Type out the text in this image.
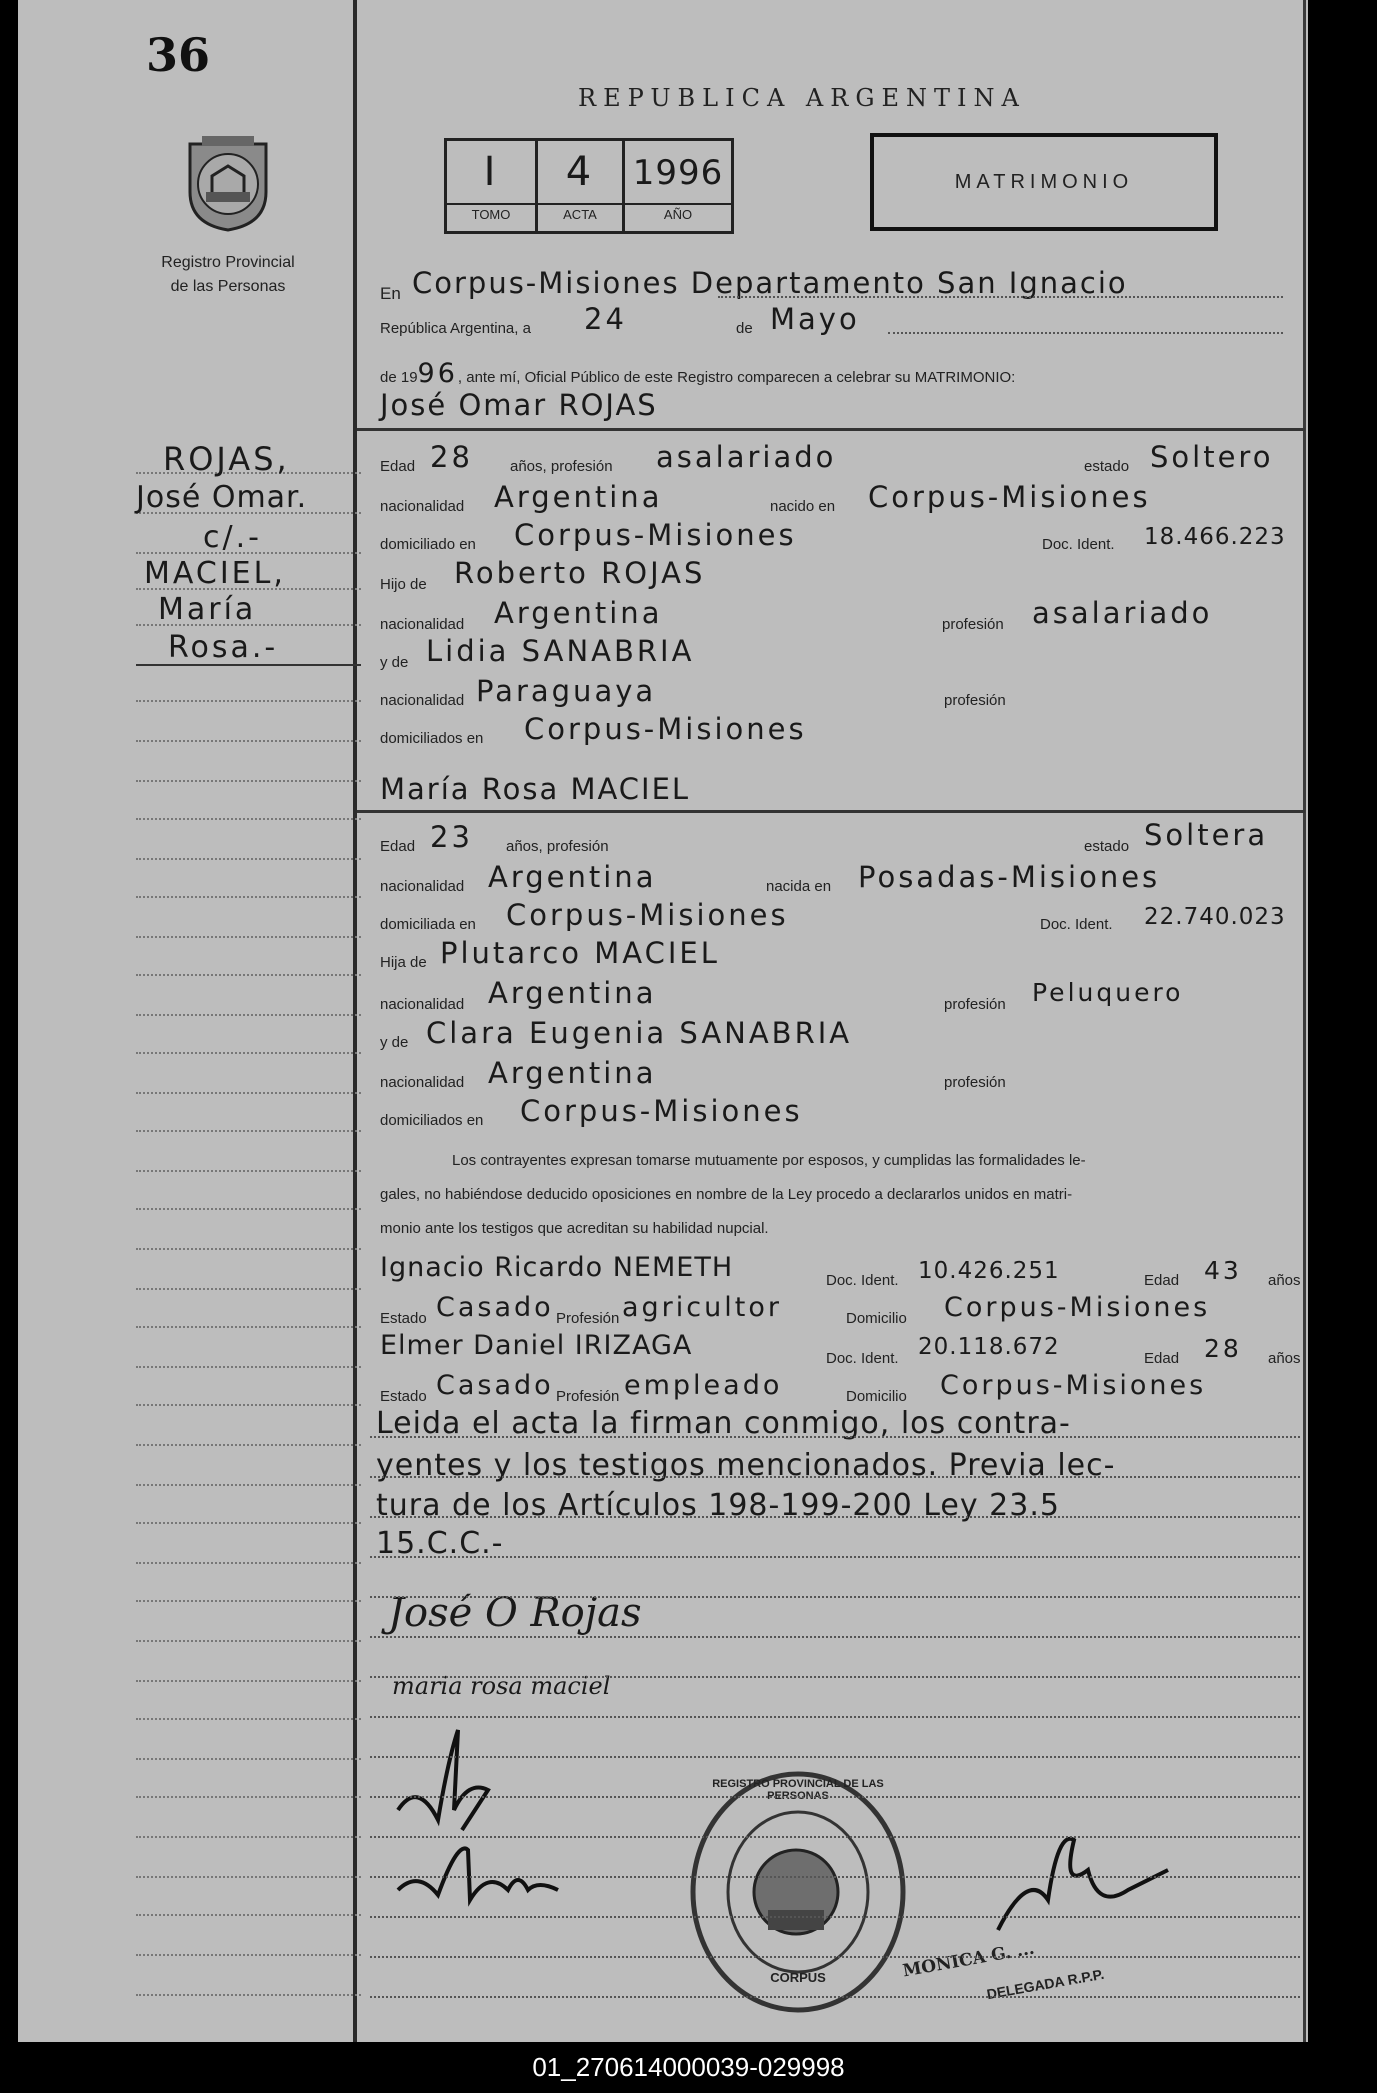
36
Registro Provincial
de las Personas
REPUBLICA ARGENTINA
I	4	1996
TOMO	ACTA	AÑO
MATRIMONIO
ROJAS,
José Omar.
c/.-
MACIEL,
María
Rosa.-
En Corpus-Misiones Departamento San Ignacio
República Argentina, a 24	de Mayo
de 1996, ante mí, Oficial Público de este Registro comparecen a celebrar su MATRIMONIO:
José Omar ROJAS
Edad 28 años, profesión asalariado	estado Soltero
nacionalidad Argentina	nacido en Corpus-Misiones
domiciliado en Corpus-Misiones	Doc. Ident. 18.466.223
Hijo de Roberto ROJAS
nacionalidad Argentina	profesión asalariado
y de Lidia SANABRIA
nacionalidad Paraguaya	profesión
domiciliados en Corpus-Misiones
María Rosa MACIEL
Edad 23 años, profesión	estado Soltera
nacionalidad Argentina	nacida en Posadas-Misiones
domiciliada en Corpus-Misiones	Doc. Ident. 22.740.023
Hija de Plutarco MACIEL
nacionalidad Argentina	profesión Peluquero
y de Clara Eugenia SANABRIA
nacionalidad Argentina	profesión
domiciliados en Corpus-Misiones
Los contrayentes expresan tomarse mutuamente por esposos, y cumplidas las formalidades le-
gales, no habiéndose deducido oposiciones en nombre de la Ley procedo a declararlos unidos en matri-
monio ante los testigos que acreditan su habilidad nupcial.
Ignacio Ricardo NEMETH	Doc. Ident. 10.426.251	Edad 43 años
Estado Casado Profesión agricultor	Domicilio Corpus-Misiones
Elmer Daniel IRIZAGA	Doc. Ident. 20.118.672	Edad 28 años
Estado Casado Profesión empleado	Domicilio Corpus-Misiones
Leida el acta la firman conmigo, los contra-
yentes y los testigos mencionados. Previa lec-
tura de los Artículos 198-199-200 Ley 23.5
15.C.C.-
José O Rojas
maria rosa maciel
REGISTRO PROVINCIAL DE LAS PERSONAS
CORPUS	MONICA G. ...
DELEGADA R.P.P.
01_270614000039-029998
